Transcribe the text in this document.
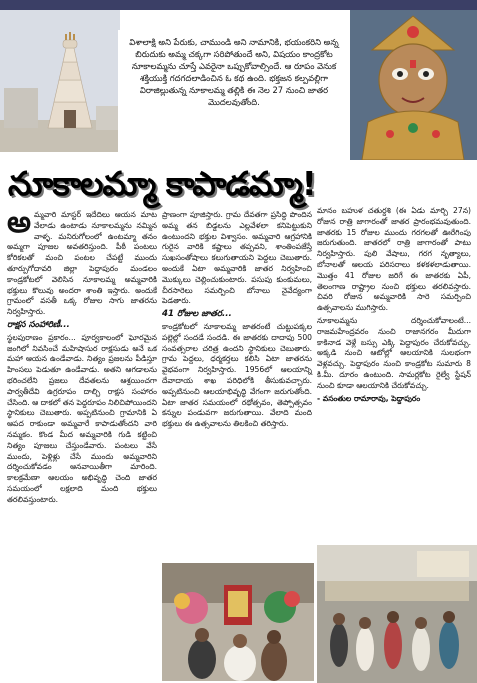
విశాలాక్షి అని పేరుకు, చాముండి అని నామానికి, భయంకరిని అన్న బిరుదుకు అమ్మ చక్కగా సరిపోతుందే అని, విషయం కాంద్రకోట నూకాలమ్మను చూస్తే ఎవరైనా ఒప్పుకోవాల్సిందే. ఆ రూపం వెనుక శక్తియుక్తి గదగదలాడించిన ఓ కథ ఉంది. భక్తజన కల్పవల్లిగా విరాజిల్లుతున్న నూకాలమ్మ తల్లికి ఈ నెల 27 నుంచి జాతర మొదలవుతోంది.
నూకాలమ్మా కాపాడమ్మా!

అమ్మవారి మాస్టర్ ఇదేదిలు ఆయన మాట వేలాడు ఉంటాడు నూకాలమ్మను నమ్మిన వాళ్ళ. మనిరుగోలంలో ఉంటమ్మా తనం అమ్మగా పూజల అవతరిస్తుంది. పీఠీ పంటలు కోరికలతో మంచి పంటల చేపట్టే ముందు తూర్పుగోదావరి జిల్లా పెద్దాపురం మండలం కాండ్రకోటలో వెలిసిన నూకాలమ్మ అమ్మవారికి భక్తులు కొలువు అందరా శాంతి ఇస్తారు. అందుకే గ్రామంలో వసతీ ఒక్క రోజుల సాగు జాతరను నిర్వహిస్తారు.

రాక్షస సంహారిణీ...

స్థలపురాణం ప్రకారం... పూర్వకాలంలో ఘోరమైన జంగిలో నివసించే మహిషాసుర రాక్షసుడు అనే ఒక మహా ఆయన ఉండేవాడు. నిత్యం ప్రజలను పీడిస్తూ హింసలు పెడుతూ ఉండేవాడు. అతని ఆగడాలను భరించలేని ప్రజలు దేవతలను ఆశ్రయించగా పార్వతీదేవి ఉగ్రరూపం దాల్చి రాక్షస సంహారం చేసింది. ఆ దాకలో తన పెద్దరూపం నిలిచిపోయిందని స్థానికులు చెబుతారు. అప్పటినుంచి గ్రామానికి ఏ ఆపద రాకుండా అమ్మవారే కాపాడుతోందని వారి నమ్మకం. కొండ మీద అమ్మవారికి గుడి కట్టించి నిత్యం పూజలు చేస్తుండేవారు. పంటలు వేసే ముందు, పెళ్లిళ్లు చేసే ముందు అమ్మవారిని దర్శించుకోవడం ఆనవాయితీగా మారింది. కాలక్రమేణా ఆలయం అభివృద్ధి చెంది జాతర సమయంలో లక్షలాది మంది భక్తులు తరలివస్తుంటారు.

ప్రాణంగా పూజిస్తారు. గ్రామ దేవతగా ప్రసిద్ధి పొందిన అమ్మ తన బిడ్డలను ఎల్లవేళలా కనిపెట్టుకుని ఉంటుందని భక్తుల విశ్వాసం. అమ్మవారి ఆగ్రహానికి గురైన వారికి కష్టాలు తప్పవని, శాంతింపజేస్తే సుఖసంతోషాలు కలుగుతాయని పెద్దలు చెబుతారు. అందుకే ఏటా అమ్మవారికి జాతర నిర్వహించి మొక్కులు చెల్లించుకుంటారు. పసుపు కుంకుమలు, చీరసారెలు సమర్పించి బోనాలు నైవేద్యంగా పెడతారు.

41 రోజుల జాతర...

కాండ్రకోటలో నూకాలమ్మ జాతరంటే చుట్టుపక్కల పల్లెల్లో సందడే సందడి. ఈ జాతరకు దాదాపు 500 సంవత్సరాల చరిత్ర ఉందని స్థానికులు చెబుతారు. గ్రామ పెద్దలు, ధర్మకర్తలు కలిసి ఏటా జాతరను వైభవంగా నిర్వహిస్తారు. 1956లో ఆలయాన్ని దేవాదాయ శాఖ పరిధిలోకి తీసుకువచ్చారు. అప్పటినుంచి ఆలయాభివృద్ధి వేగంగా జరుగుతోంది. ఏటా జాతర సమయంలో రథోత్సవం, తెప్పోత్సవం కన్నుల పండువగా జరుగుతాయి. వేలాది మంది భక్తులు ఈ ఉత్సవాలను తిలకించి తరిస్తారు.

మానం బహుళ చతుర్దశి (ఈ ఏడు మార్చి 27న) రోజున రాత్రి జాగారంతో జాతర ప్రారంభమవుతుంది. జాతరకు 15 రోజుల ముందు గరగలతో ఊరేగింపు జరుగుతుంది. జాతరలో రాత్రి జాగారంతో పాటు నిర్వహిస్తారు. పులి వేషాలు, గరగ నృత్యాలు, బోనాలతో ఆలయ పరిసరాలు కళకళలాడుతాయి. మొత్తం 41 రోజుల జరిగే ఈ జాతరకు ఏపీ, తెలంగాణ రాష్ట్రాల నుంచి భక్తులు తరలివస్తారు. చివరి రోజున అమ్మవారికి సారె సమర్పించి ఉత్సవాలను ముగిస్తారు.

నూకాలమ్మను దర్శించుకోవాలంటే... రాజమహేంద్రవరం నుంచి రాజానగరం మీదుగా కాకినాడ వెళ్లే బస్సు ఎక్కి పెద్దాపురం చేరుకోవచ్చు. అక్కడి నుంచి ఆటోల్లో ఆలయానికి సులభంగా వెళ్లవచ్చు. పెద్దాపురం నుంచి కాండ్రకోట సుమారు 8 కి.మీ. దూరం ఉంటుంది. సామర్లకోట రైల్వే స్టేషన్ నుంచి కూడా ఆలయానికి చేరుకోవచ్చు.

- వసంతుల రామారావు, పెద్దాపురం
